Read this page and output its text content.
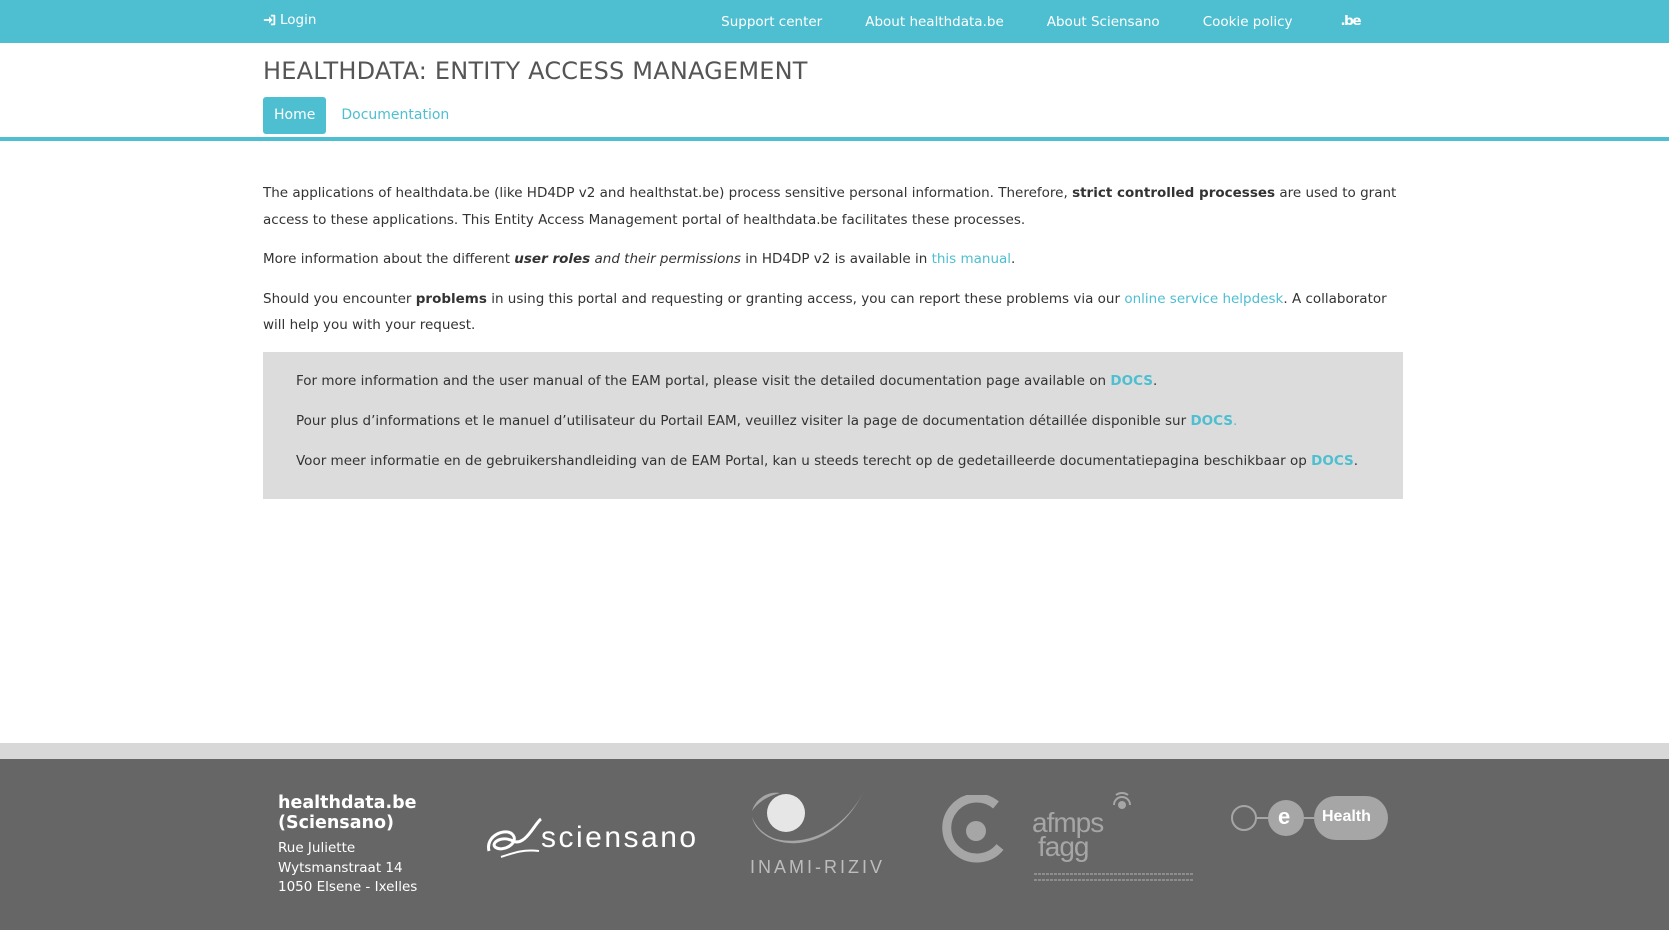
Login	Support center	About healthdata.be	About Sciensano	Cookie policy	.be
HEALTHDATA: ENTITY ACCESS MANAGEMENT
Home	Documentation

The applications of healthdata.be (like HD4DP v2 and healthstat.be) process sensitive personal information. Therefore, strict controlled processes are used to grant access to these applications. This Entity Access Management portal of healthdata.be facilitates these processes.

More information about the different user roles and their permissions in HD4DP v2 is available in this manual.

Should you encounter problems in using this portal and requesting or granting access, you can report these problems via our online service helpdesk. A collaborator will help you with your request.

For more information and the user manual of the EAM portal, please visit the detailed documentation page available on DOCS.

Pour plus d’informations et le manuel d’utilisateur du Portail EAM, veuillez visiter la page de documentation détaillée disponible sur DOCS.

Voor meer informatie en de gebruikershandleiding van de EAM Portal, kan u steeds terecht op de gedetailleerde documentatiepagina beschikbaar op DOCS.

healthdata.be
(Sciensano)
Rue Juliette
Wytsmanstraat 14
1050 Elsene - Ixelles
sciensano
INAMI-RIZIV
afmps
fagg
e Health
